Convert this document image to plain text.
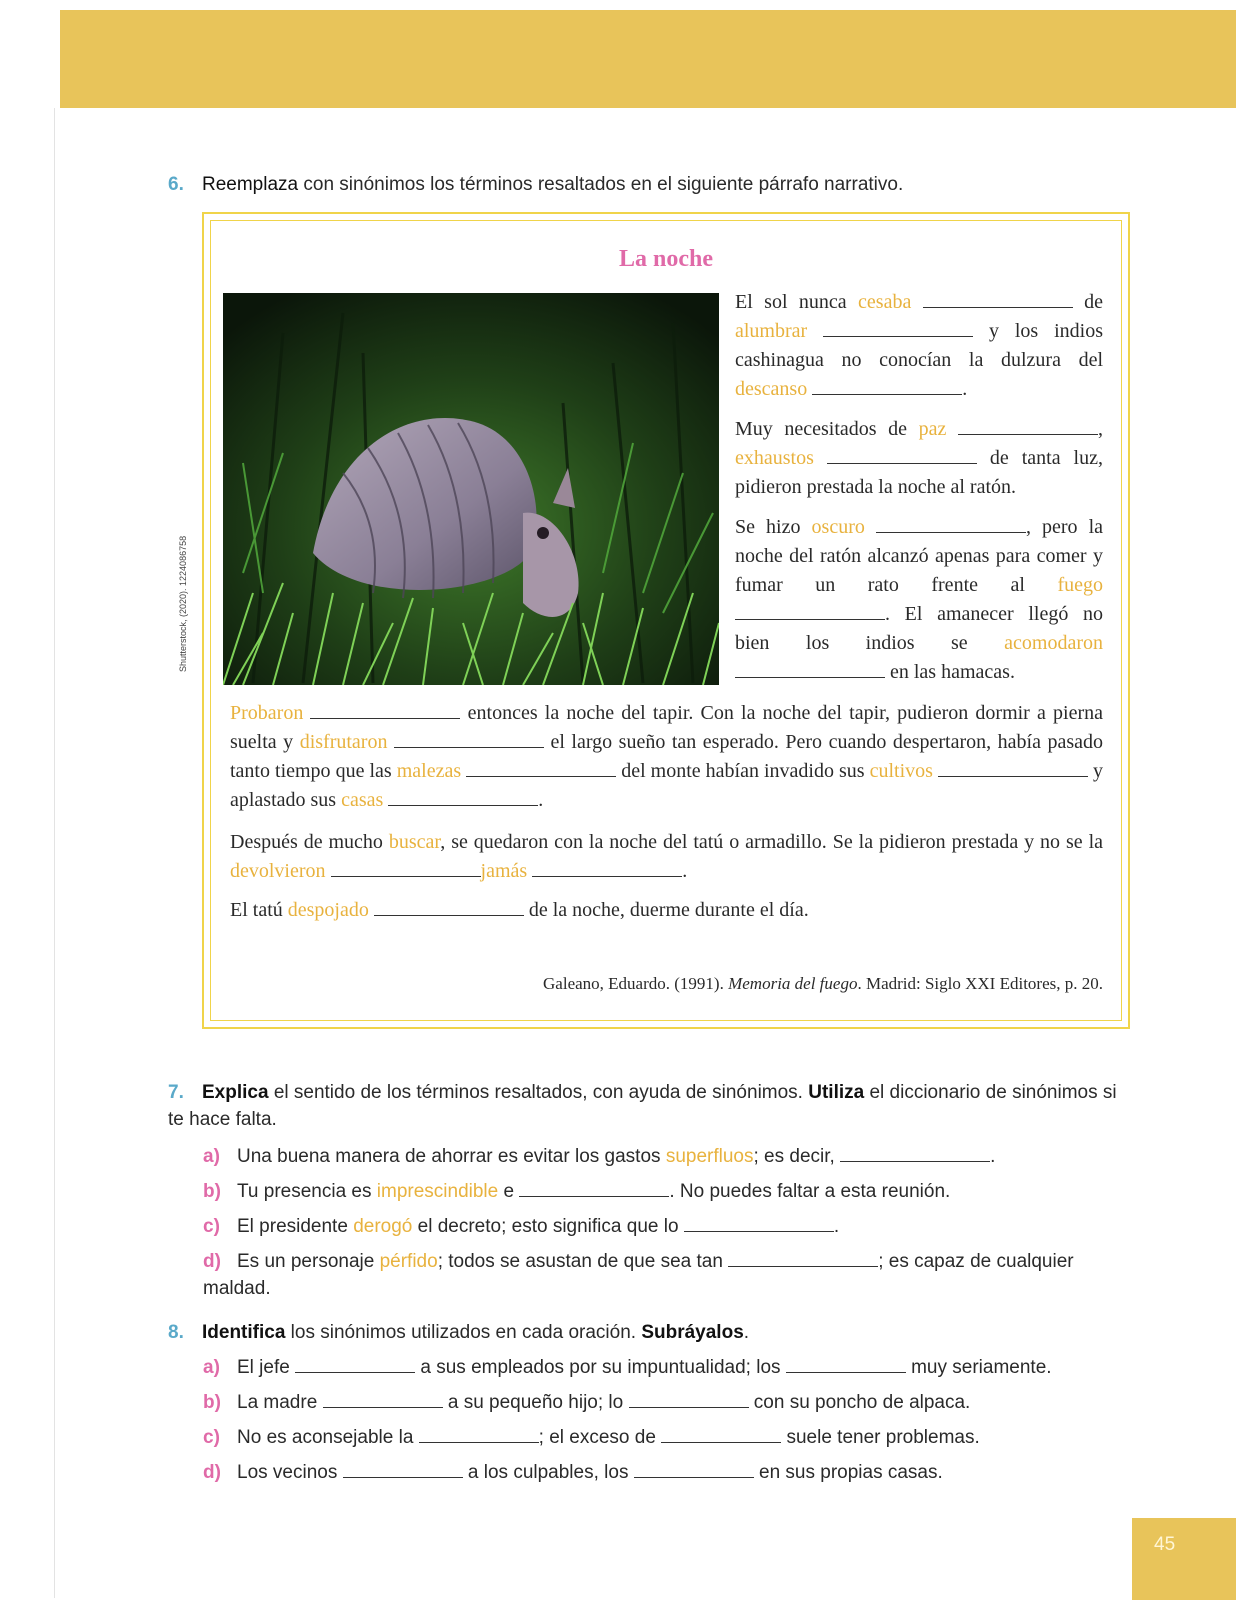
45
Shutterstock, (2020). 1224086758
6. Reemplaza con sinónimos los términos resaltados en el siguiente párrafo narrativo.
La noche

El sol nunca cesaba	de alumbrar	y los indios cashinagua no conocían la dulzura del descanso	.

Muy necesitados de paz	, exhaustos	de tanta luz, pidieron prestada la noche al ratón.

Se hizo oscuro	, pero la noche del ratón alcanzó apenas para comer y fumar un rato frente al fuego . El amanecer llegó no bien los indios se acomodaron  en las hamacas.

Probaron	entonces la noche del tapir. Con la noche del tapir, pudieron dormir a pierna suelta y disfrutaron	el largo sueño tan esperado. Pero cuando despertaron, había pasado tanto tiempo que las malezas	del monte habían invadido sus cultivos	y aplastado sus casas	.

Después de mucho buscar, se quedaron con la noche del tatú o armadillo. Se la pidieron prestada y no se la devolvieron	jamás	.

El tatú despojado	de la noche, duerme durante el día.

Galeano, Eduardo. (1991). Memoria del fuego. Madrid: Siglo XXI Editores, p. 20.
7. Explica el sentido de los términos resaltados, con ayuda de sinónimos. Utiliza el diccionario de sinónimos si te hace falta.
a) Una buena manera de ahorrar es evitar los gastos superfluos; es decir,	.
b) Tu presencia es imprescindible e	. No puedes faltar a esta reunión.
c) El presidente derogó el decreto; esto significa que lo	.
d) Es un personaje pérfido; todos se asustan de que sea tan	; es capaz de cualquier maldad.
8. Identifica los sinónimos utilizados en cada oración. Subráyalos.
a) El jefe	a sus empleados por su impuntualidad; los	muy seriamente.
b) La madre	a su pequeño hijo; lo	con su poncho de alpaca.
c) No es aconsejable la	; el exceso de	suele tener problemas.
d) Los vecinos	a los culpables, los	en sus propias casas.
